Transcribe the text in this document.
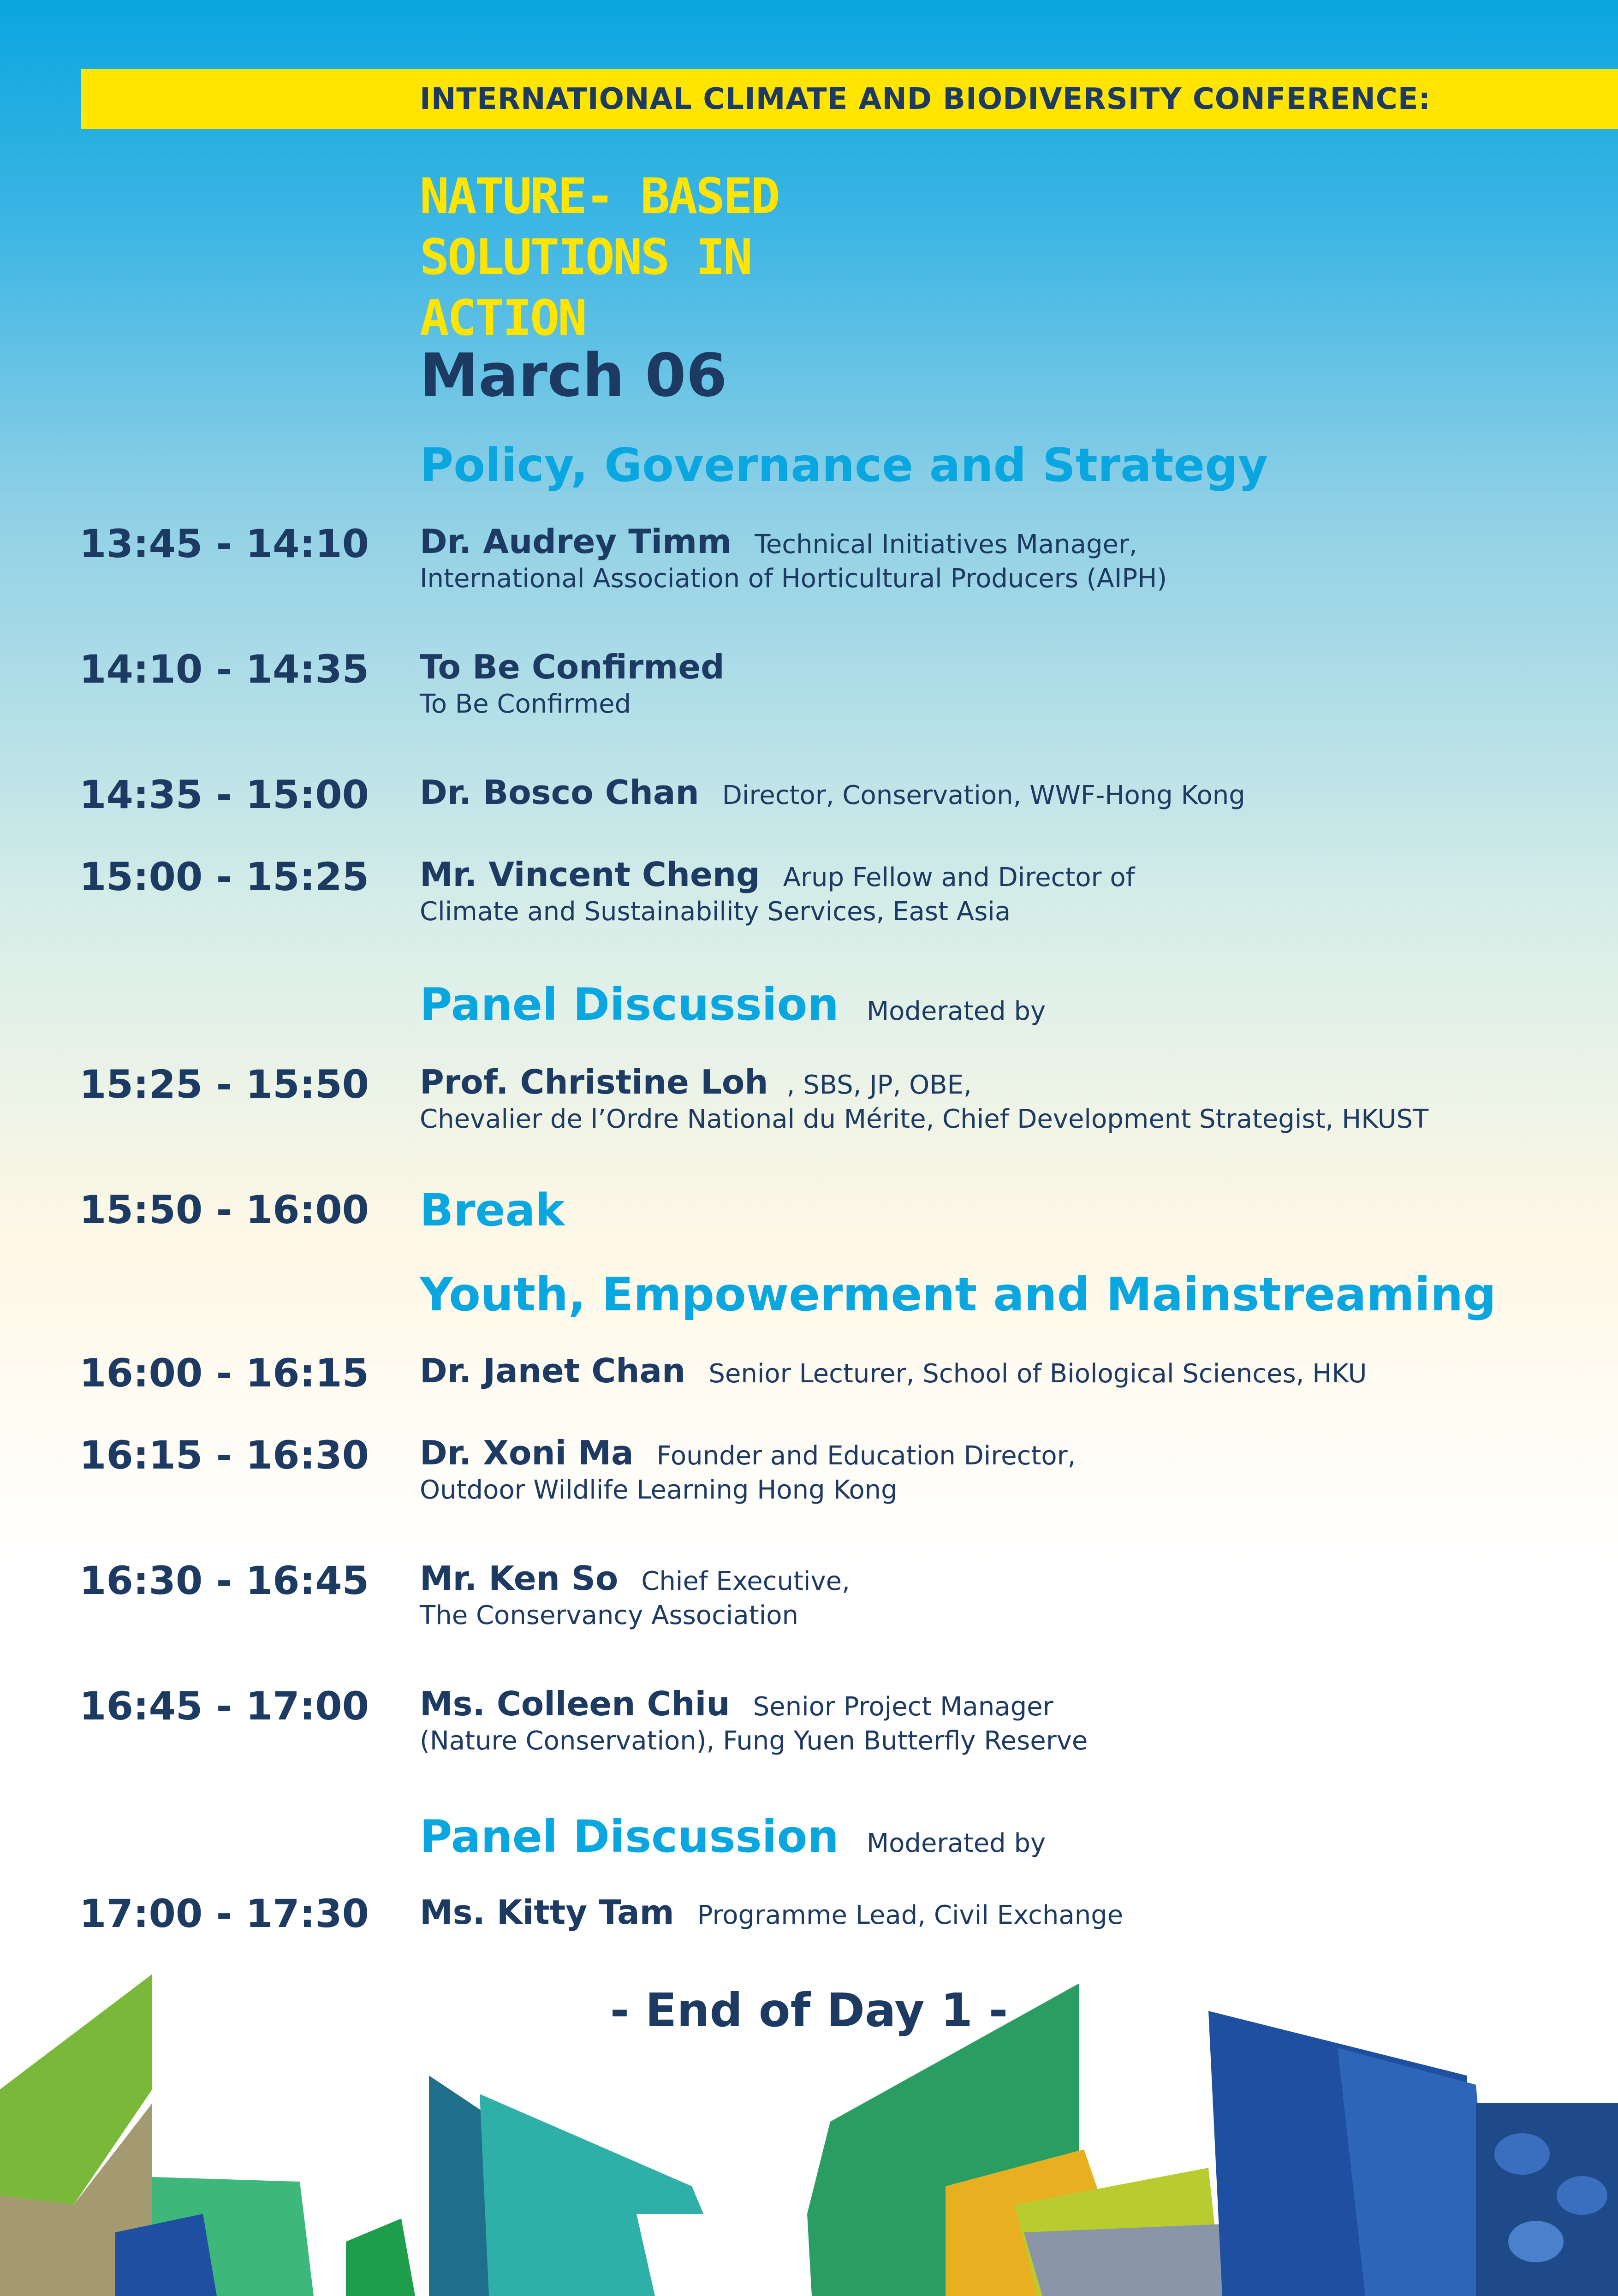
INTERNATIONAL CLIMATE AND BIODIVERSITY CONFERENCE:
NATURE- BASED
SOLUTIONS IN
ACTION
March 06
Policy, Governance and Strategy
13:45 - 14:10 Dr. Audrey Timm Technical Initiatives Manager,
International Association of Horticultural Producers (AIPH)
14:10 - 14:35 To Be Confirmed
To Be Confirmed
14:35 - 15:00 Dr. Bosco Chan Director, Conservation, WWF-Hong Kong
15:00 - 15:25 Mr. Vincent Cheng Arup Fellow and Director of
Climate and Sustainability Services, East Asia
Panel Discussion Moderated by
15:25 - 15:50 Prof. Christine Loh , SBS, JP, OBE,
Chevalier de l’Ordre National du Mérite, Chief Development Strategist, HKUST
15:50 - 16:00 Break
Youth, Empowerment and Mainstreaming
16:00 - 16:15 Dr. Janet Chan Senior Lecturer, School of Biological Sciences, HKU
16:15 - 16:30 Dr. Xoni Ma Founder and Education Director,
Outdoor Wildlife Learning Hong Kong
16:30 - 16:45 Mr. Ken So Chief Executive,
The Conservancy Association
16:45 - 17:00 Ms. Colleen Chiu Senior Project Manager
(Nature Conservation), Fung Yuen Butterfly Reserve
Panel Discussion Moderated by
17:00 - 17:30 Ms. Kitty Tam Programme Lead, Civil Exchange
- End of Day 1 -
